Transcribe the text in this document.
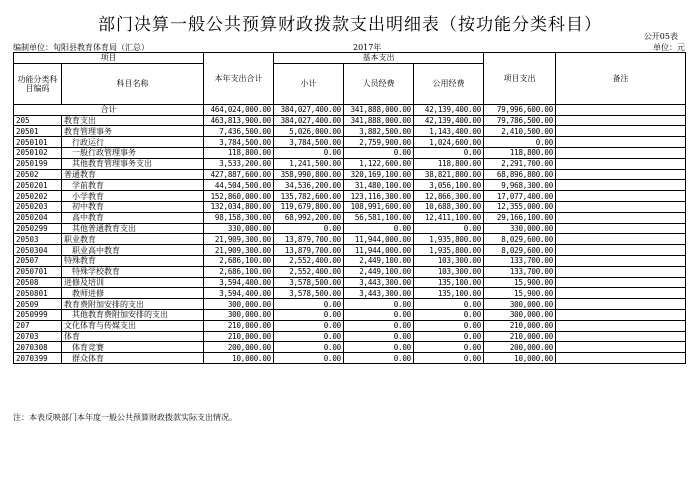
部门决算一般公共预算财政拨款支出明细表（按功能分类科目）
公开05表
编制单位：旬阳县教育体育局（汇总）	2017年	单位：元
项目		本年支出合计	基本支出			项目支出	备注
功能分类科目编码	科目名称		小计	人员经费	公用经费		

合计		464,024,000.00	384,027,400.00	341,888,000.00	42,139,400.00	79,996,600.00	
205	教育支出	463,813,900.00	384,027,400.00	341,888,000.00	42,139,400.00	79,786,500.00	
20501	教育管理事务	7,436,500.00	5,026,000.00	3,882,500.00	1,143,400.00	2,410,500.00	
2050101	行政运行	3,784,500.00	3,784,500.00	2,759,900.00	1,024,600.00	0.00	
2050102	一般行政管理事务	118,800.00	0.00	0.00	0.00	118,800.00	
2050199	其他教育管理事务支出	3,533,200.00	1,241,500.00	1,122,600.00	118,800.00	2,291,700.00	
20502	普通教育	427,887,600.00	358,990,800.00	320,169,100.00	38,821,800.00	68,896,800.00	
2050201	学前教育	44,504,500.00	34,536,200.00	31,480,100.00	3,056,100.00	9,968,300.00	
2050202	小学教育	152,860,000.00	135,782,600.00	123,116,300.00	12,866,300.00	17,077,400.00	
2050203	初中教育	132,034,800.00	119,679,800.00	108,991,600.00	10,688,300.00	12,355,000.00	
2050204	高中教育	98,158,300.00	68,992,200.00	56,581,100.00	12,411,100.00	29,166,100.00	
2050299	其他普通教育支出	330,000.00	0.00	0.00	0.00	330,000.00	
20503	职业教育	21,909,300.00	13,879,700.00	11,944,000.00	1,935,800.00	8,029,600.00	
2050304	职业高中教育	21,909,300.00	13,879,700.00	11,944,000.00	1,935,800.00	8,029,600.00	
20507	特殊教育	2,686,100.00	2,552,400.00	2,449,100.00	103,300.00	133,700.00	
2050701	特殊学校教育	2,686,100.00	2,552,400.00	2,449,100.00	103,300.00	133,700.00	
20508	进修及培训	3,594,400.00	3,578,500.00	3,443,300.00	135,100.00	15,900.00	
2050801	教师进修	3,594,400.00	3,578,500.00	3,443,300.00	135,100.00	15,900.00	
20509	教育费附加安排的支出	300,000.00	0.00	0.00	0.00	300,000.00	
2050999	其他教育费附加安排的支出	300,000.00	0.00	0.00	0.00	300,000.00	
207	文化体育与传媒支出	210,000.00	0.00	0.00	0.00	210,000.00	
20703	体育	210,000.00	0.00	0.00	0.00	210,000.00	
2070308	体育竞赛	200,000.00	0.00	0.00	0.00	200,000.00	
2070399	群众体育	10,000.00	0.00	0.00	0.00	10,000.00	
注：本表反映部门本年度一般公共预算财政拨款实际支出情况。
